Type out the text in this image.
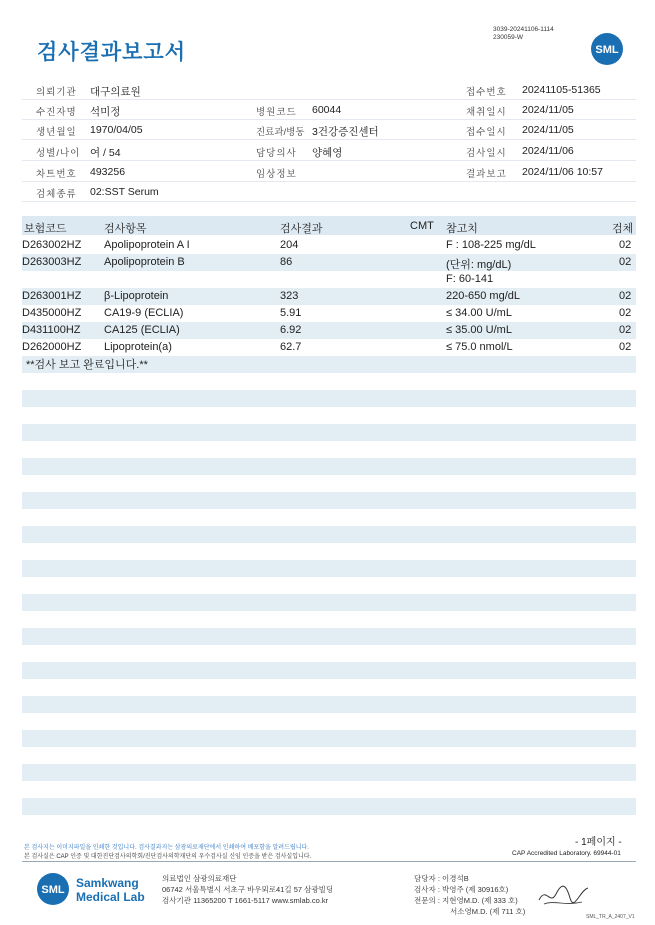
검사결과보고서
3039-20241106-1114
230059-W
SML
의뢰기관 대구의료원	접수번호 20241105-51365
수진자명 석미정	병원코드 60044	채취일시 2024/11/05
생년월일 1970/04/05	진료과/병동 3건강증진센터	접수일시 2024/11/05
성별/나이 여 / 54	담당의사 양혜영	검사일시 2024/11/06
차트번호 493256	임상정보	결과보고 2024/11/06 10:57
검체종류 02:SST Serum
보험코드	검사항목	검사결과	CMT 참고치	검체
D263002HZ Apolipoprotein A I	204	F : 108-225 mg/dL	02
D263003HZ Apolipoprotein B	86	(단위: mg/dL)	02
F: 60-141
D263001HZ β-Lipoprotein	323	220-650 mg/dL	02
D435000HZ CA19-9 (ECLIA)	5.91	≤ 34.00 U/mL	02
D431100HZ CA125 (ECLIA)	6.92	≤ 35.00 U/mL	02
D262000HZ Lipoprotein(a)	62.7	≤ 75.0 nmol/L	02
**검사 보고 완료입니다.**
본 검사지는 이미지파일을 인쇄한 것입니다. 검사결과지는 삼광의료재단에서 인쇄하여 배포함을 알려드립니다.
본 검사실은 CAP 인증 및 대한진단검사의학회/진단검사의학재단의 우수검사실 신임 인증을 받은 검사실입니다.
- 1페이지 -
CAP Accredited Laboratory. 69944-01
SML Samkwang
Medical Lab
의료법인 삼광의료재단
06742 서울특별시 서초구 바우뫼로41길 57 삼광빌딩
검사기관 11365200 T 1661-5117 www.smlab.co.kr
담당자 : 이경석B
검사자 : 박영주 (제 30916호)
전문의 : 지현영M.D. (제 333 호)
서소영M.D. (제 711 호)
SML_TR_A_2407_V1
